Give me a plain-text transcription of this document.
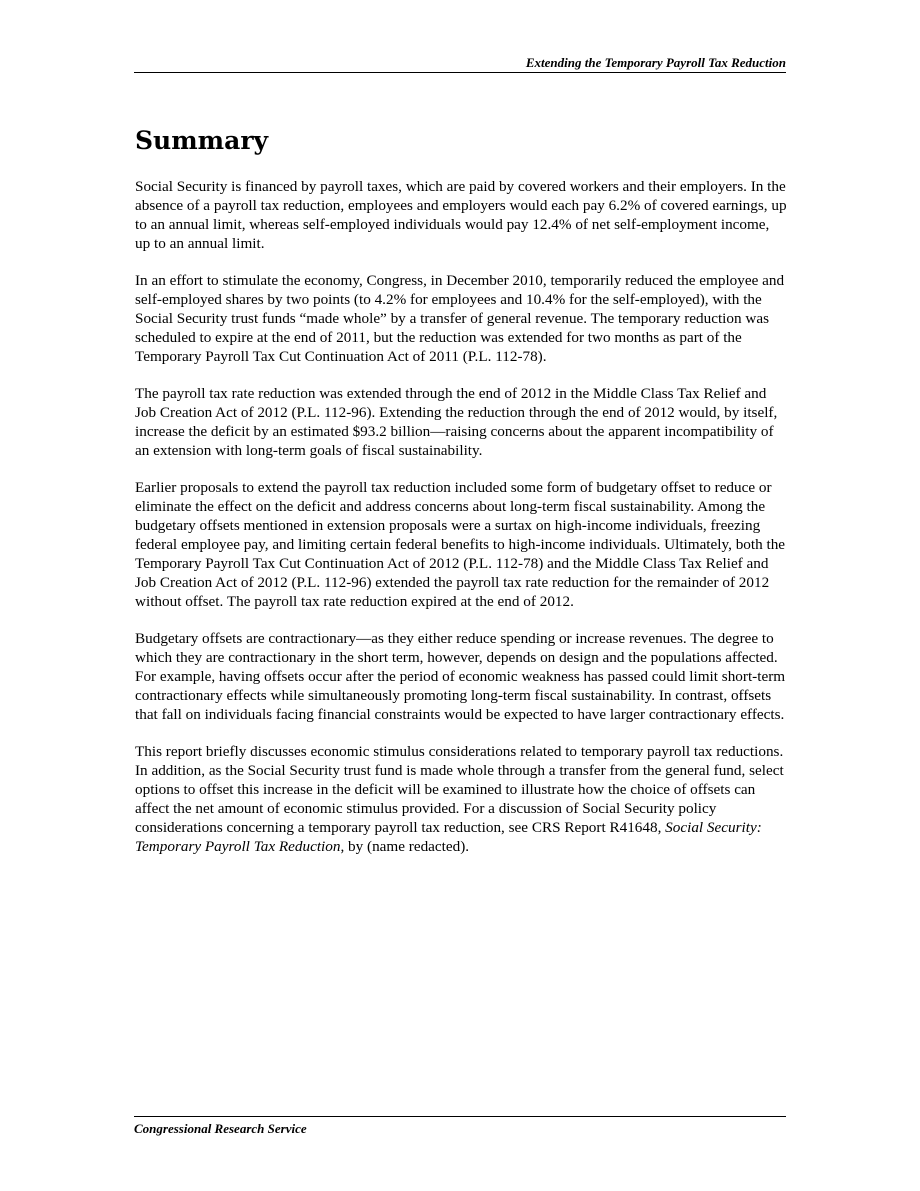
Extending the Temporary Payroll Tax Reduction
Summary

Social Security is financed by payroll taxes, which are paid by covered workers and their employers. In the absence of a payroll tax reduction, employees and employers would each pay 6.2% of covered earnings, up to an annual limit, whereas self-employed individuals would pay 12.4% of net self-employment income, up to an annual limit.

In an effort to stimulate the economy, Congress, in December 2010, temporarily reduced the employee and self-employed shares by two points (to 4.2% for employees and 10.4% for the self-employed), with the Social Security trust funds “made whole” by a transfer of general revenue. The temporary reduction was scheduled to expire at the end of 2011, but the reduction was extended for two months as part of the Temporary Payroll Tax Cut Continuation Act of 2011 (P.L. 112-78).

The payroll tax rate reduction was extended through the end of 2012 in the Middle Class Tax Relief and Job Creation Act of 2012 (P.L. 112-96). Extending the reduction through the end of 2012 would, by itself, increase the deficit by an estimated $93.2 billion—raising concerns about the apparent incompatibility of an extension with long-term goals of fiscal sustainability.

Earlier proposals to extend the payroll tax reduction included some form of budgetary offset to reduce or eliminate the effect on the deficit and address concerns about long-term fiscal sustainability. Among the budgetary offsets mentioned in extension proposals were a surtax on high-income individuals, freezing federal employee pay, and limiting certain federal benefits to high-income individuals. Ultimately, both the Temporary Payroll Tax Cut Continuation Act of 2012 (P.L. 112-78) and the Middle Class Tax Relief and Job Creation Act of 2012 (P.L. 112-96) extended the payroll tax rate reduction for the remainder of 2012 without offset. The payroll tax rate reduction expired at the end of 2012.

Budgetary offsets are contractionary—as they either reduce spending or increase revenues. The degree to which they are contractionary in the short term, however, depends on design and the populations affected. For example, having offsets occur after the period of economic weakness has passed could limit short-term contractionary effects while simultaneously promoting long-term fiscal sustainability. In contrast, offsets that fall on individuals facing financial constraints would be expected to have larger contractionary effects.

This report briefly discusses economic stimulus considerations related to temporary payroll tax reductions. In addition, as the Social Security trust fund is made whole through a transfer from the general fund, select options to offset this increase in the deficit will be examined to illustrate how the choice of offsets can affect the net amount of economic stimulus provided. For a discussion of Social Security policy considerations concerning a temporary payroll tax reduction, see CRS Report R41648, Social Security: Temporary Payroll Tax Reduction, by (name redacted).

Congressional Research Service
